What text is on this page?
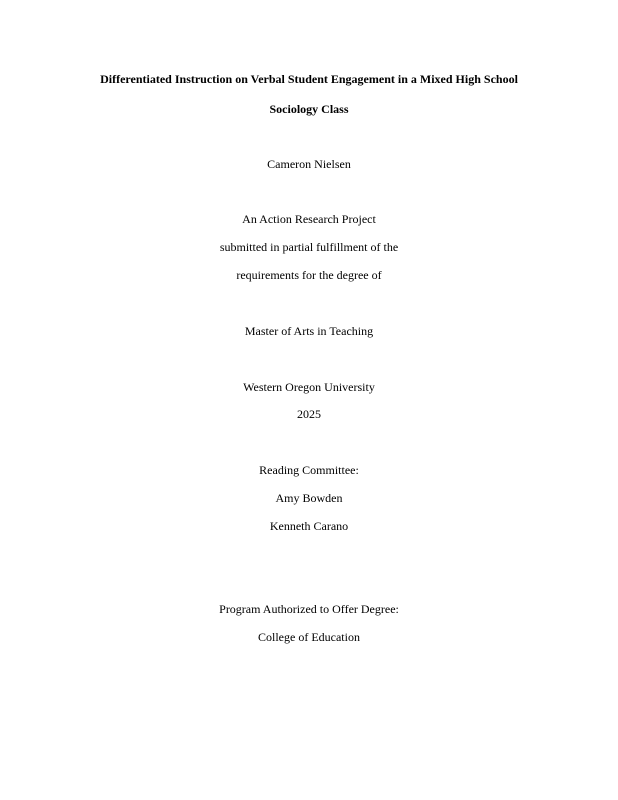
Differentiated Instruction on Verbal Student Engagement in a Mixed High School
Sociology Class
Cameron Nielsen
An Action Research Project
submitted in partial fulfillment of the
requirements for the degree of
Master of Arts in Teaching
Western Oregon University
2025
Reading Committee:
Amy Bowden
Kenneth Carano
Program Authorized to Offer Degree:
College of Education
